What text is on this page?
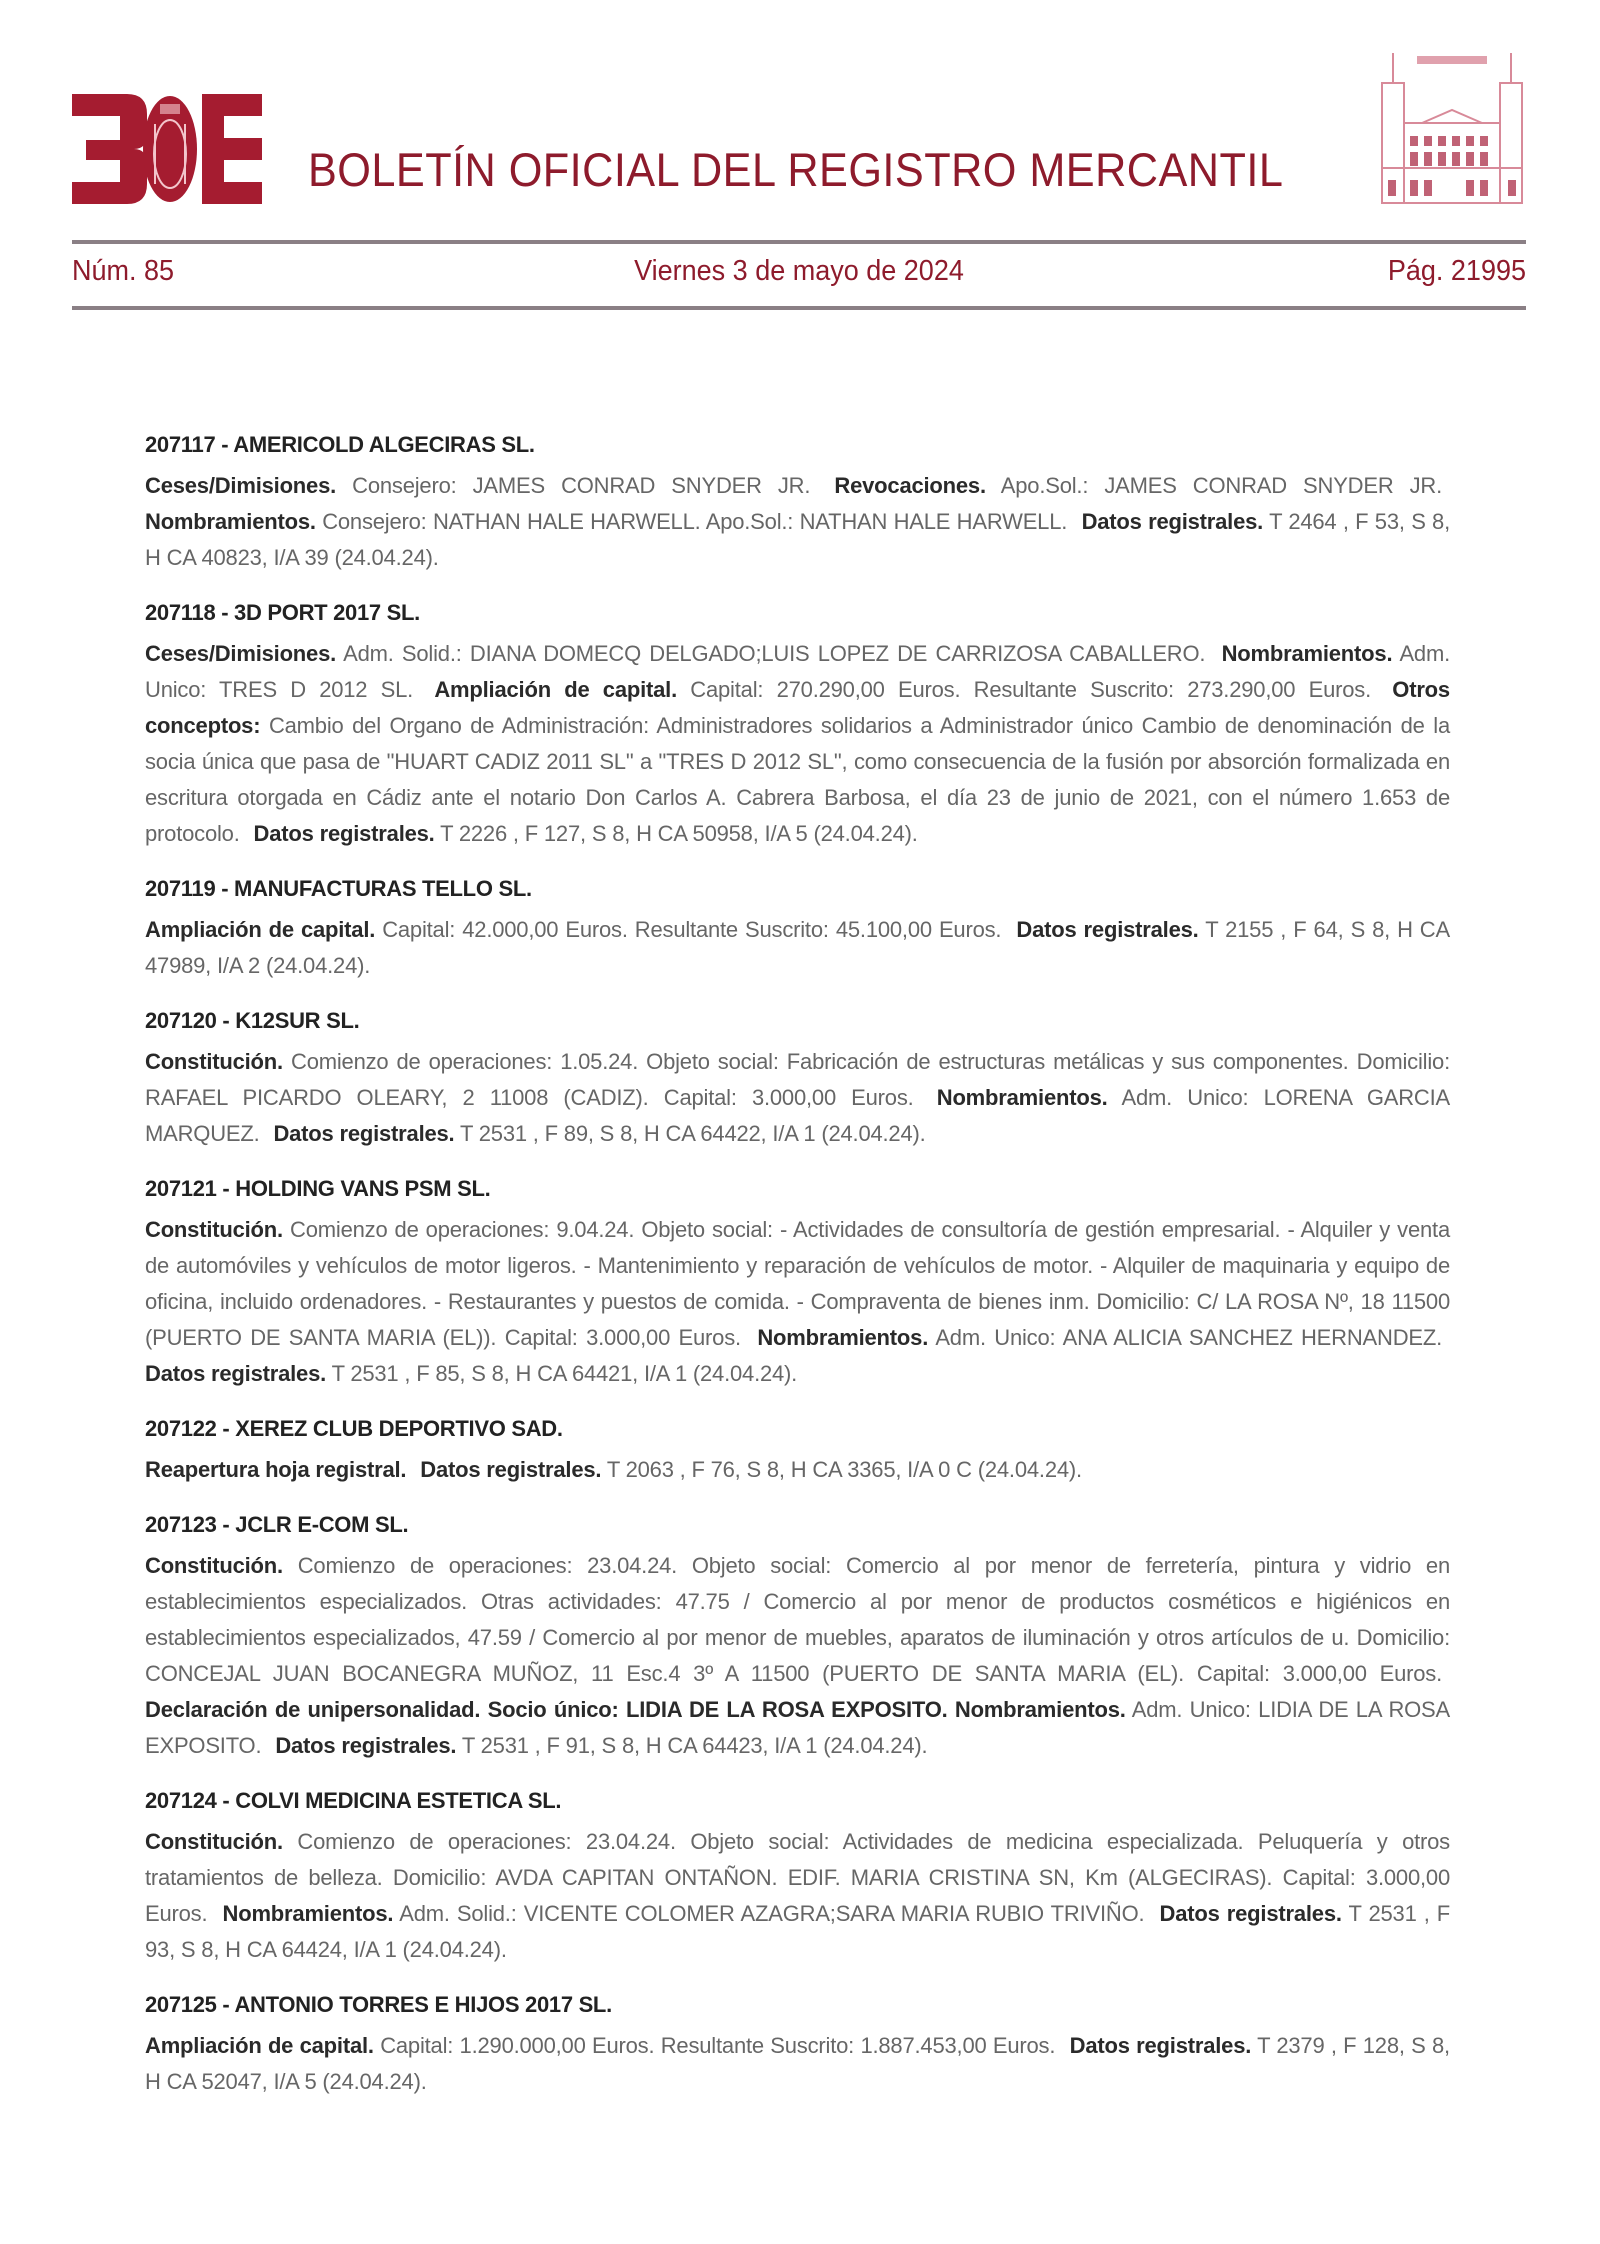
BOLETÍN OFICIAL DEL REGISTRO MERCANTIL
Núm. 85	Viernes 3 de mayo de 2024	Pág. 21995
207117 - AMERICOLD ALGECIRAS SL.
Ceses/Dimisiones. Consejero: JAMES CONRAD SNYDER JR. Revocaciones. Apo.Sol.: JAMES CONRAD SNYDER JR. Nombramientos. Consejero: NATHAN HALE HARWELL. Apo.Sol.: NATHAN HALE HARWELL. Datos registrales. T 2464 , F 53, S 8, H CA 40823, I/A 39 (24.04.24).
207118 - 3D PORT 2017 SL.
Ceses/Dimisiones. Adm. Solid.: DIANA DOMECQ DELGADO;LUIS LOPEZ DE CARRIZOSA CABALLERO. Nombramientos. Adm. Unico: TRES D 2012 SL. Ampliación de capital. Capital: 270.290,00 Euros. Resultante Suscrito: 273.290,00 Euros. Otros conceptos: Cambio del Organo de Administración: Administradores solidarios a Administrador único Cambio de denominación de la socia única que pasa de "HUART CADIZ 2011 SL" a "TRES D 2012 SL", como consecuencia de la fusión por absorción formalizada en escritura otorgada en Cádiz ante el notario Don Carlos A. Cabrera Barbosa, el día 23 de junio de 2021, con el número 1.653 de protocolo. Datos registrales. T 2226 , F 127, S 8, H CA 50958, I/A 5 (24.04.24).
207119 - MANUFACTURAS TELLO SL.
Ampliación de capital. Capital: 42.000,00 Euros. Resultante Suscrito: 45.100,00 Euros. Datos registrales. T 2155 , F 64, S 8, H CA 47989, I/A 2 (24.04.24).
207120 - K12SUR SL.
Constitución. Comienzo de operaciones: 1.05.24. Objeto social: Fabricación de estructuras metálicas y sus componentes. Domicilio: RAFAEL PICARDO OLEARY, 2 11008 (CADIZ). Capital: 3.000,00 Euros. Nombramientos. Adm. Unico: LORENA GARCIA MARQUEZ. Datos registrales. T 2531 , F 89, S 8, H CA 64422, I/A 1 (24.04.24).
207121 - HOLDING VANS PSM SL.
Constitución. Comienzo de operaciones: 9.04.24. Objeto social: - Actividades de consultoría de gestión empresarial. - Alquiler y venta de automóviles y vehículos de motor ligeros. - Mantenimiento y reparación de vehículos de motor. - Alquiler de maquinaria y equipo de oficina, incluido ordenadores. - Restaurantes y puestos de comida. - Compraventa de bienes inm. Domicilio: C/ LA ROSA Nº, 18 11500 (PUERTO DE SANTA MARIA (EL)). Capital: 3.000,00 Euros. Nombramientos. Adm. Unico: ANA ALICIA SANCHEZ HERNANDEZ. Datos registrales. T 2531 , F 85, S 8, H CA 64421, I/A 1 (24.04.24).
207122 - XEREZ CLUB DEPORTIVO SAD.
Reapertura hoja registral. Datos registrales. T 2063 , F 76, S 8, H CA 3365, I/A 0 C (24.04.24).
207123 - JCLR E-COM SL.
Constitución. Comienzo de operaciones: 23.04.24. Objeto social: Comercio al por menor de ferretería, pintura y vidrio en establecimientos especializados. Otras actividades: 47.75 / Comercio al por menor de productos cosméticos e higiénicos en establecimientos especializados, 47.59 / Comercio al por menor de muebles, aparatos de iluminación y otros artículos de u. Domicilio: CONCEJAL JUAN BOCANEGRA MUÑOZ, 11 Esc.4 3º A 11500 (PUERTO DE SANTA MARIA (EL). Capital: 3.000,00 Euros. Declaración de unipersonalidad. Socio único: LIDIA DE LA ROSA EXPOSITO. Nombramientos. Adm. Unico: LIDIA DE LA ROSA EXPOSITO. Datos registrales. T 2531 , F 91, S 8, H CA 64423, I/A 1 (24.04.24).
207124 - COLVI MEDICINA ESTETICA SL.
Constitución. Comienzo de operaciones: 23.04.24. Objeto social: Actividades de medicina especializada. Peluquería y otros tratamientos de belleza. Domicilio: AVDA CAPITAN ONTAÑON. EDIF. MARIA CRISTINA SN, Km (ALGECIRAS). Capital: 3.000,00 Euros. Nombramientos. Adm. Solid.: VICENTE COLOMER AZAGRA;SARA MARIA RUBIO TRIVIÑO. Datos registrales. T 2531 , F 93, S 8, H CA 64424, I/A 1 (24.04.24).
207125 - ANTONIO TORRES E HIJOS 2017 SL.
Ampliación de capital. Capital: 1.290.000,00 Euros. Resultante Suscrito: 1.887.453,00 Euros. Datos registrales. T 2379 , F 128, S 8, H CA 52047, I/A 5 (24.04.24).
